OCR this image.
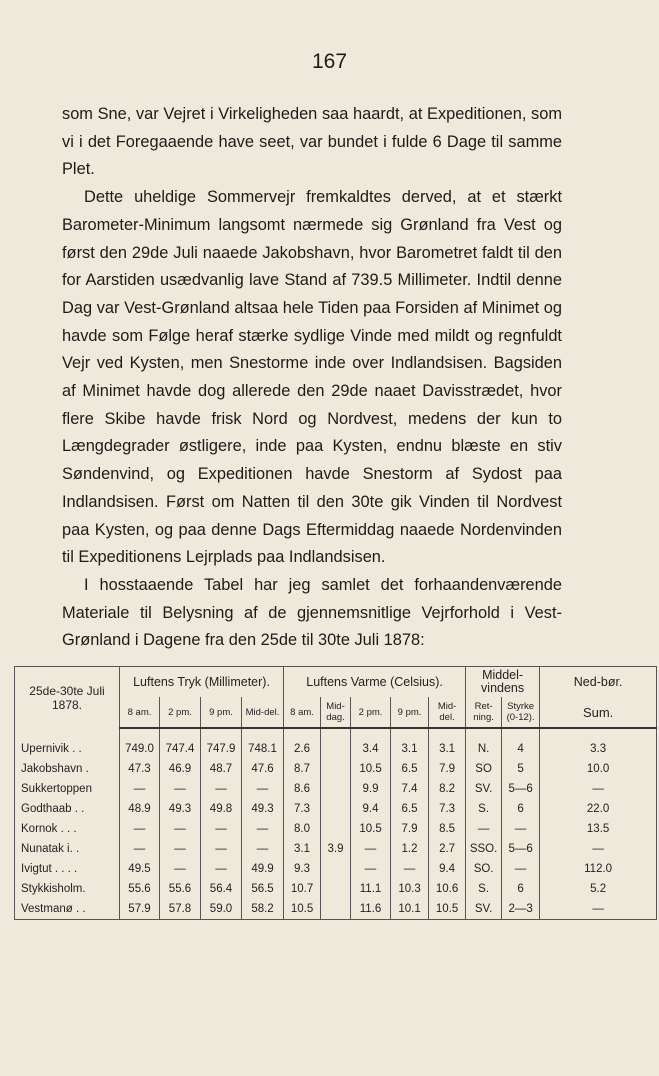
167

som Sne, var Vejret i Virkeligheden saa haardt, at Expeditionen, som vi i det Foregaaende have seet, var bundet i fulde 6 Dage til samme Plet.

Dette uheldige Sommervejr fremkaldtes derved, at et stærkt Barometer-Minimum langsomt nærmede sig Grønland fra Vest og først den 29de Juli naaede Jakobshavn, hvor Barometret faldt til den for Aarstiden usædvanlig lave Stand af 739.5 Millimeter. Indtil denne Dag var Vest-Grønland altsaa hele Tiden paa Forsiden af Minimet og havde som Følge heraf stærke sydlige Vinde med mildt og regnfuldt Vejr ved Kysten, men Snestorme inde over Indlandsisen. Bagsiden af Minimet havde dog allerede den 29de naaet Davisstrædet, hvor flere Skibe havde frisk Nord og Nordvest, medens der kun to Længdegrader østligere, inde paa Kysten, endnu blæste en stiv Søndenvind, og Expeditionen havde Snestorm af Sydost paa Indlandsisen. Først om Natten til den 30te gik Vinden til Nordvest paa Kysten, og paa denne Dags Eftermiddag naaede Nordenvinden til Expeditionens Lejrplads paa Indlandsisen.

I hosstaaende Tabel har jeg samlet det forhaandenværende Materiale til Belysning af de gjennemsnitlige Vejrforhold i Vest-Grønland i Dagene fra den 25de til 30te Juli 1878:

25de-30te Juli
1878.	Luftens Tryk (Millimeter).				Luftens Varme (Celsius).					Middel-vindens		Ned-bør.
	8 am.	2 pm.	9 pm.	Mid-del.	8 am.	Mid-dag.	2 pm.	9 pm.	Mid-del.	Ret-ning.	Styrke (0-12).	Sum.
Upernivik . .	749.0	747.4	747.9	748.1	2.6		3.4	3.1	3.1	N.	4	3.3
Jakobshavn .	47.3	46.9	48.7	47.6	8.7		10.5	6.5	7.9	SO	5	10.0
Sukkertoppen	—	—	—	—	8.6		9.9	7.4	8.2	SV.	5—6	—
Godthaab . .	48.9	49.3	49.8	49.3	7.3		9.4	6.5	7.3	S.	6	22.0
Kornok . . .	—	—	—	—	8.0		10.5	7.9	8.5	—	—	13.5
Nunatak i. .	—	—	—	—	3.1	3.9	—	1.2	2.7	SSO.	5—6	—
Ivigtut . . . .	49.5	—	—	49.9	9.3		—	—	9.4	SO.	—	112.0
Stykkisholm.	55.6	55.6	56.4	56.5	10.7		11.1	10.3	10.6	S.	6	5.2
Vestmanø . .	57.9	57.8	59.0	58.2	10.5		11.6	10.1	10.5	SV.	2—3	—
